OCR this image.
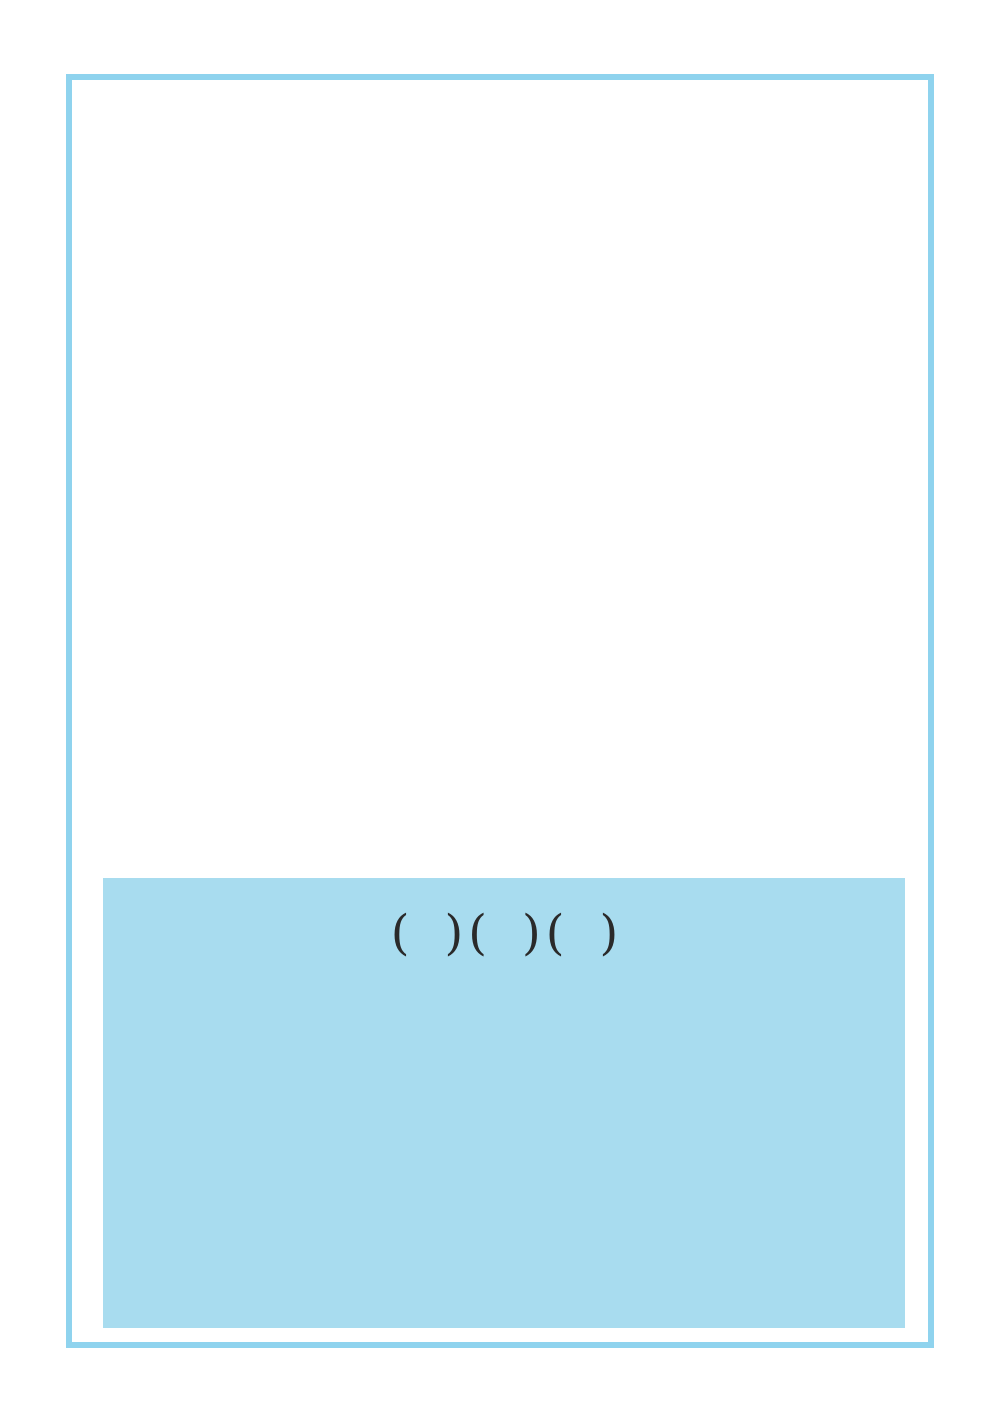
( )
( )
( )
